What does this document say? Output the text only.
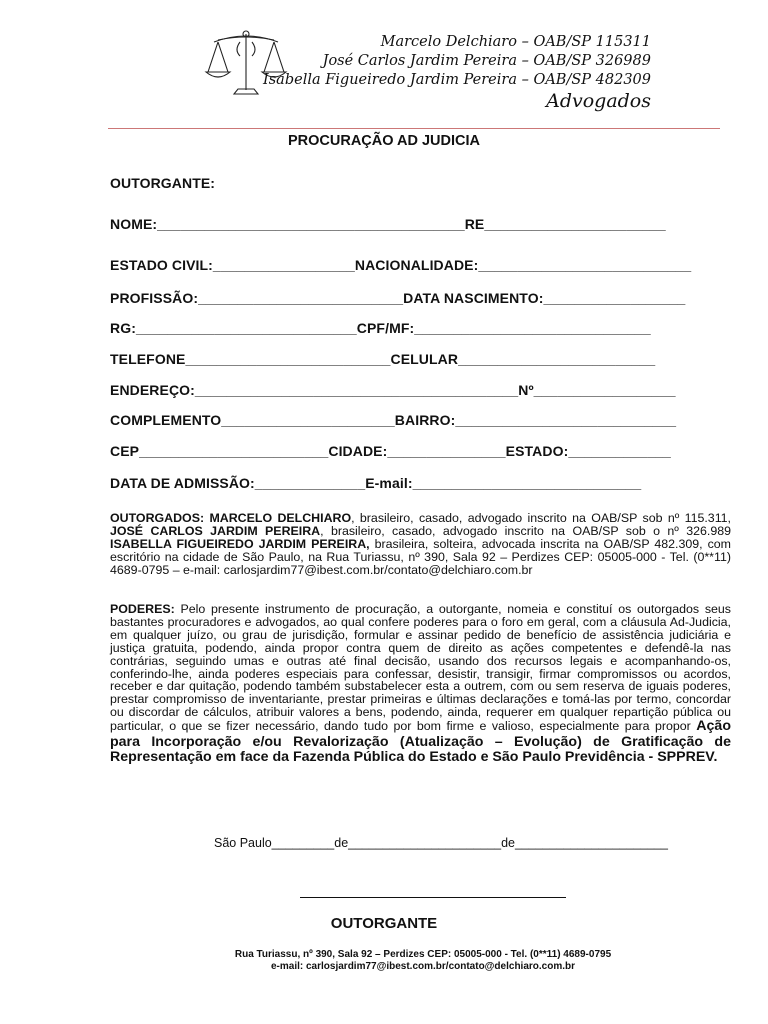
Marcelo Delchiaro – OAB/SP 115311
José Carlos Jardim Pereira – OAB/SP 326989
Isabella Figueiredo Jardim Pereira – OAB/SP 482309
Advogados
PROCURAÇÃO AD JUDICIA
OUTORGANTE:
NOME:_______________________________________RE_______________________
ESTADO CIVIL:__________________NACIONALIDADE:___________________________
PROFISSÃO:__________________________DATA NASCIMENTO:__________________
RG:____________________________CPF/MF:______________________________
TELEFONE__________________________CELULAR_________________________
ENDEREÇO:_________________________________________Nº__________________
COMPLEMENTO______________________BAIRRO:____________________________
CEP________________________CIDADE:_______________ESTADO:_____________
DATA DE ADMISSÃO:______________E-mail:_____________________________
OUTORGADOS: MARCELO DELCHIARO, brasileiro, casado, advogado inscrito na OAB/SP sob nº 115.311, JOSÉ CARLOS JARDIM PEREIRA, brasileiro, casado, advogado inscrito na OAB/SP sob o nº 326.989 ISABELLA FIGUEIREDO JARDIM PEREIRA, brasileira, solteira, advocada inscrita na OAB/SP 482.309, com escritório na cidade de São Paulo, na Rua Turiassu, nº 390, Sala 92 – Perdizes CEP: 05005-000 - Tel. (0**11) 4689-0795 – e-mail: carlosjardim77@ibest.com.br/contato@delchiaro.com.br
PODERES: Pelo presente instrumento de procuração, a outorgante, nomeia e constituí os outorgados seus bastantes procuradores e advogados, ao qual confere poderes para o foro em geral, com a cláusula Ad-Judicia, em qualquer juízo, ou grau de jurisdição, formular e assinar pedido de benefício de assistência judiciária e justiça gratuita, podendo, ainda propor contra quem de direito as ações competentes e defendê-la nas contrárias, seguindo umas e outras até final decisão, usando dos recursos legais e acompanhando-os, conferindo-lhe, ainda poderes especiais para confessar, desistir, transigir, firmar compromissos ou acordos, receber e dar quitação, podendo também substabelecer esta a outrem, com ou sem reserva de iguais poderes, prestar compromisso de inventariante, prestar primeiras e últimas declarações e tomá-las por termo, concordar ou discordar de cálculos, atribuir valores a bens, podendo, ainda, requerer em qualquer repartição pública ou particular, o que se fizer necessário, dando tudo por bom firme e valioso, especialmente para propor Ação para Incorporação e/ou Revalorização (Atualização – Evolução) de Gratificação de Representação em face da Fazenda Pública do Estado e São Paulo Previdência - SPPREV.
São Paulo_________de______________________de______________________
OUTORGANTE
Rua Turiassu, nº 390, Sala 92 – Perdizes CEP: 05005-000 - Tel. (0**11) 4689-0795
e-mail: carlosjardim77@ibest.com.br/contato@delchiaro.com.br
